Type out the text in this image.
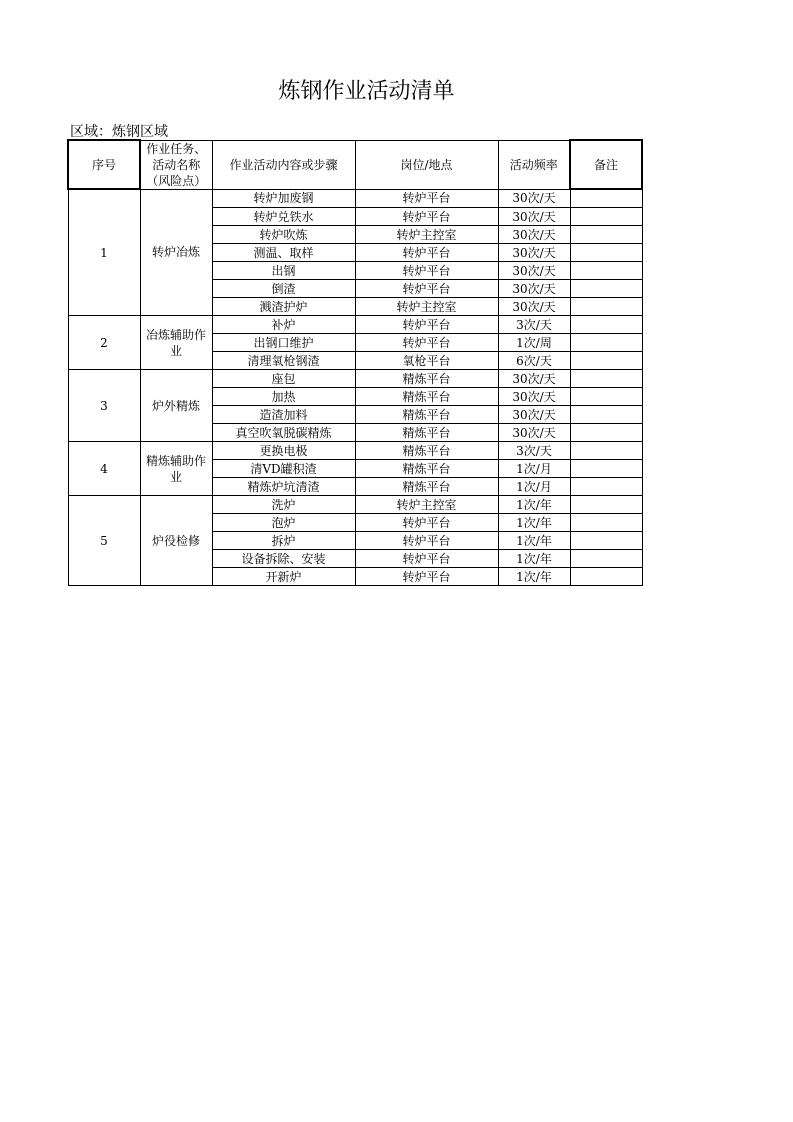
炼钢作业活动清单
区域：炼钢区域
序号	作业任务、活动名称（风险点）	作业活动内容或步骤	岗位/地点	活动频率	备注
1	转炉冶炼	转炉加废钢	转炉平台	30次/天	
		转炉兑铁水	转炉平台	30次/天	
		转炉吹炼	转炉主控室	30次/天	
		测温、取样	转炉平台	30次/天	
		出钢	转炉平台	30次/天	
		倒渣	转炉平台	30次/天	
		溅渣护炉	转炉主控室	30次/天	
2	冶炼辅助作业	补炉	转炉平台	3次/天	
		出钢口维护	转炉平台	1次/周	
		清理氧枪钢渣	氧枪平台	6次/天	
3	炉外精炼	座包	精炼平台	30次/天	
		加热	精炼平台	30次/天	
		造渣加料	精炼平台	30次/天	
		真空吹氧脱碳精炼	精炼平台	30次/天	
4	精炼辅助作业	更换电极	精炼平台	3次/天	
		清VD罐积渣	精炼平台	1次/月	
		精炼炉坑清渣	精炼平台	1次/月	
5	炉役检修	洗炉	转炉主控室	1次/年	
		泡炉	转炉平台	1次/年	
		拆炉	转炉平台	1次/年	
		设备拆除、安装	转炉平台	1次/年	
		开新炉	转炉平台	1次/年	
